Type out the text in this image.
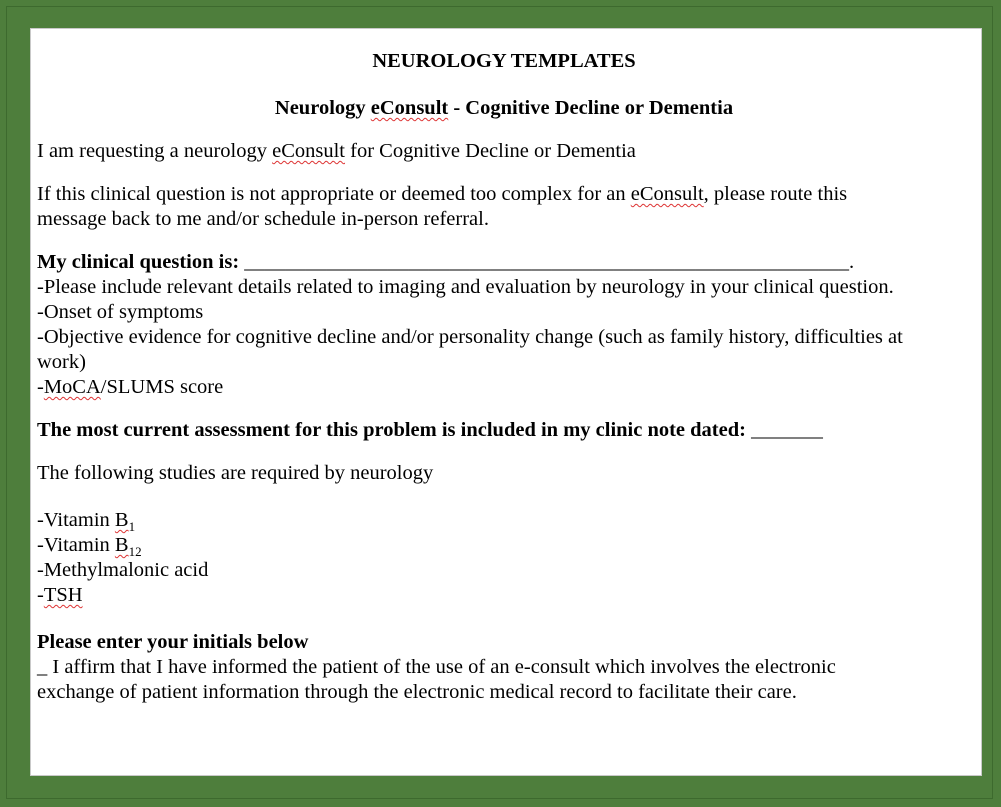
NEUROLOGY TEMPLATES
Neurology eConsult - Cognitive Decline or Dementia
I am requesting a neurology eConsult for Cognitive Decline or Dementia
If this clinical question is not appropriate or deemed too complex for an eConsult, please route this
message back to me and/or schedule in-person referral.
My clinical question is: ___________________________________________________________.
-Please include relevant details related to imaging and evaluation by neurology in your clinical question.
-Onset of symptoms
-Objective evidence for cognitive decline and/or personality change (such as family history, difficulties at
work)
-MoCA/SLUMS score
The most current assessment for this problem is included in my clinic note dated: _______
The following studies are required by neurology
-Vitamin $B_1$
-Vitamin $B_{12}$
-Methylmalonic acid
-TSH
Please enter your initials below
_ I affirm that I have informed the patient of the use of an e-consult which involves the electronic
exchange of patient information through the electronic medical record to facilitate their care.
